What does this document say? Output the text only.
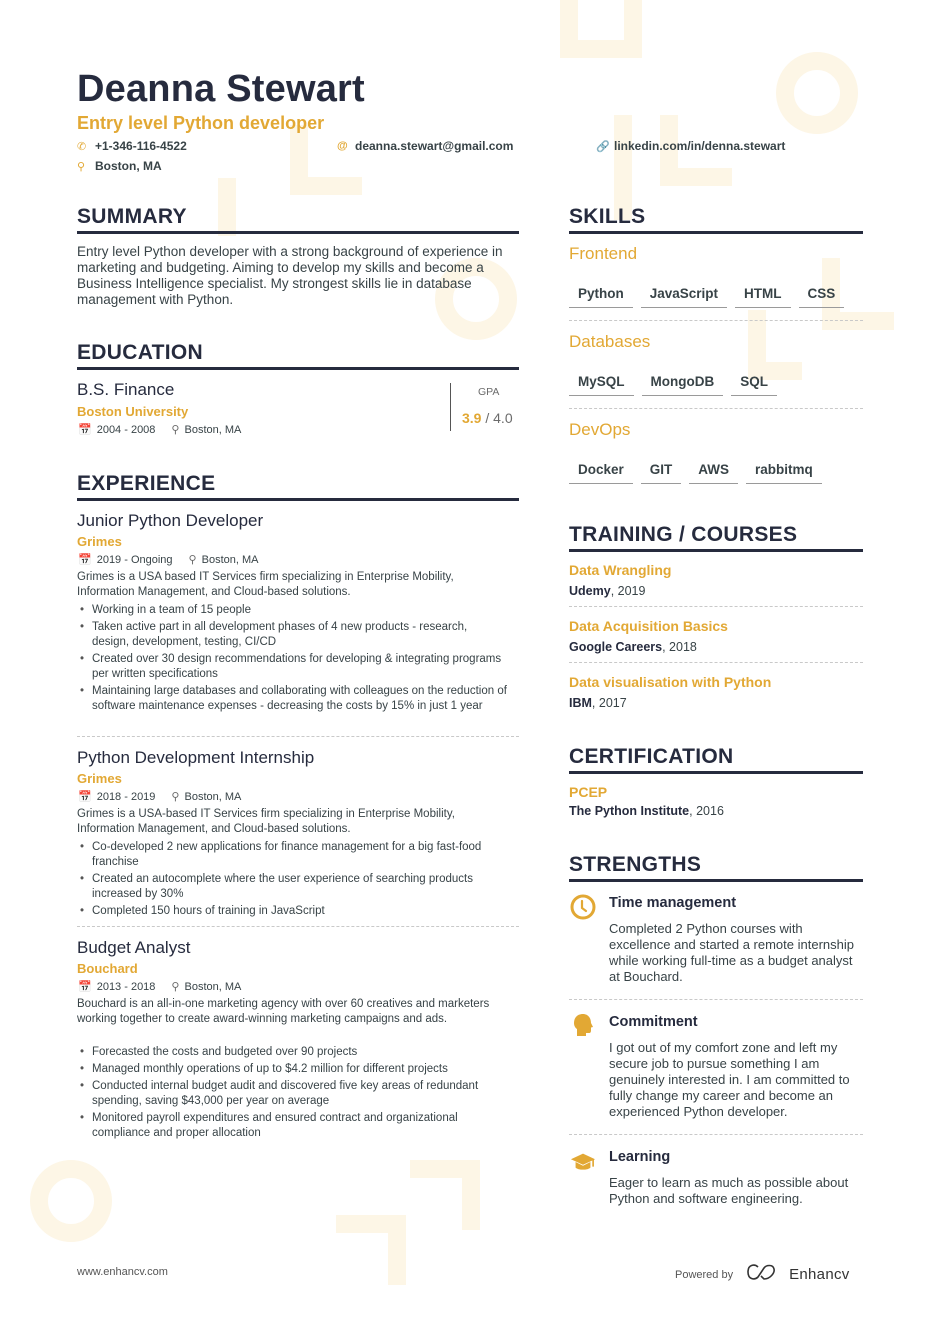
Deanna Stewart
Entry level Python developer
✆ +1-346-116-4522	@ deanna.stewart@gmail.com	🔗 linkedin.com/in/denna.stewart
⚲ Boston, MA
SUMMARY
Entry level Python developer with a strong background of experience in marketing and budgeting. Aiming to develop my skills and become a Business Intelligence specialist. My strongest skills lie in database management with Python.
EDUCATION
B.S. Finance
Boston University
📅 2004 - 2008 ⚲ Boston, MA
GPA
3.9 / 4.0
EXPERIENCE
Junior Python Developer
Grimes
📅 2019 - Ongoing ⚲ Boston, MA
Grimes is a USA based IT Services firm specializing in Enterprise Mobility, Information Management, and Cloud-based solutions.
• Working in a team of 15 people
• Taken active part in all development phases of 4 new products - research, design, development, testing, CI/CD
• Created over 30 design recommendations for developing & integrating programs per written specifications
• Maintaining large databases and collaborating with colleagues on the reduction of software maintenance expenses - decreasing the costs by 15% in just 1 year
Python Development Internship
Grimes
📅 2018 - 2019 ⚲ Boston, MA
Grimes is a USA-based IT Services firm specializing in Enterprise Mobility, Information Management, and Cloud-based solutions.
• Co-developed 2 new applications for finance management for a big fast-food franchise
• Created an autocomplete where the user experience of searching products increased by 30%
• Completed 150 hours of training in JavaScript
Budget Analyst
Bouchard
📅 2013 - 2018 ⚲ Boston, MA
Bouchard is an all-in-one marketing agency with over 60 creatives and marketers working together to create award-winning marketing campaigns and ads.
• Forecasted the costs and budgeted over 90 projects
• Managed monthly operations of up to $4.2 million for different projects
• Conducted internal budget audit and discovered five key areas of redundant spending, saving $43,000 per year on average
• Monitored payroll expenditures and ensured contract and organizational compliance and proper allocation
SKILLS
Frontend
Python	JavaScript	HTML	CSS
Databases
MySQL	MongoDB	SQL
DevOps
Docker	GIT	AWS	rabbitmq
TRAINING / COURSES
Data Wrangling
Udemy, 2019
Data Acquisition Basics
Google Careers, 2018
Data visualisation with Python
IBM, 2017
CERTIFICATION
PCEP
The Python Institute, 2016
STRENGTHS
Time management
Completed 2 Python courses with excellence and started a remote internship while working full-time as a budget analyst at Bouchard.
Commitment
I got out of my comfort zone and left my secure job to pursue something I am genuinely interested in. I am committed to fully change my career and become an experienced Python developer.
Learning
Eager to learn as much as possible about Python and software engineering.
www.enhancv.com	Powered by	Enhancv
